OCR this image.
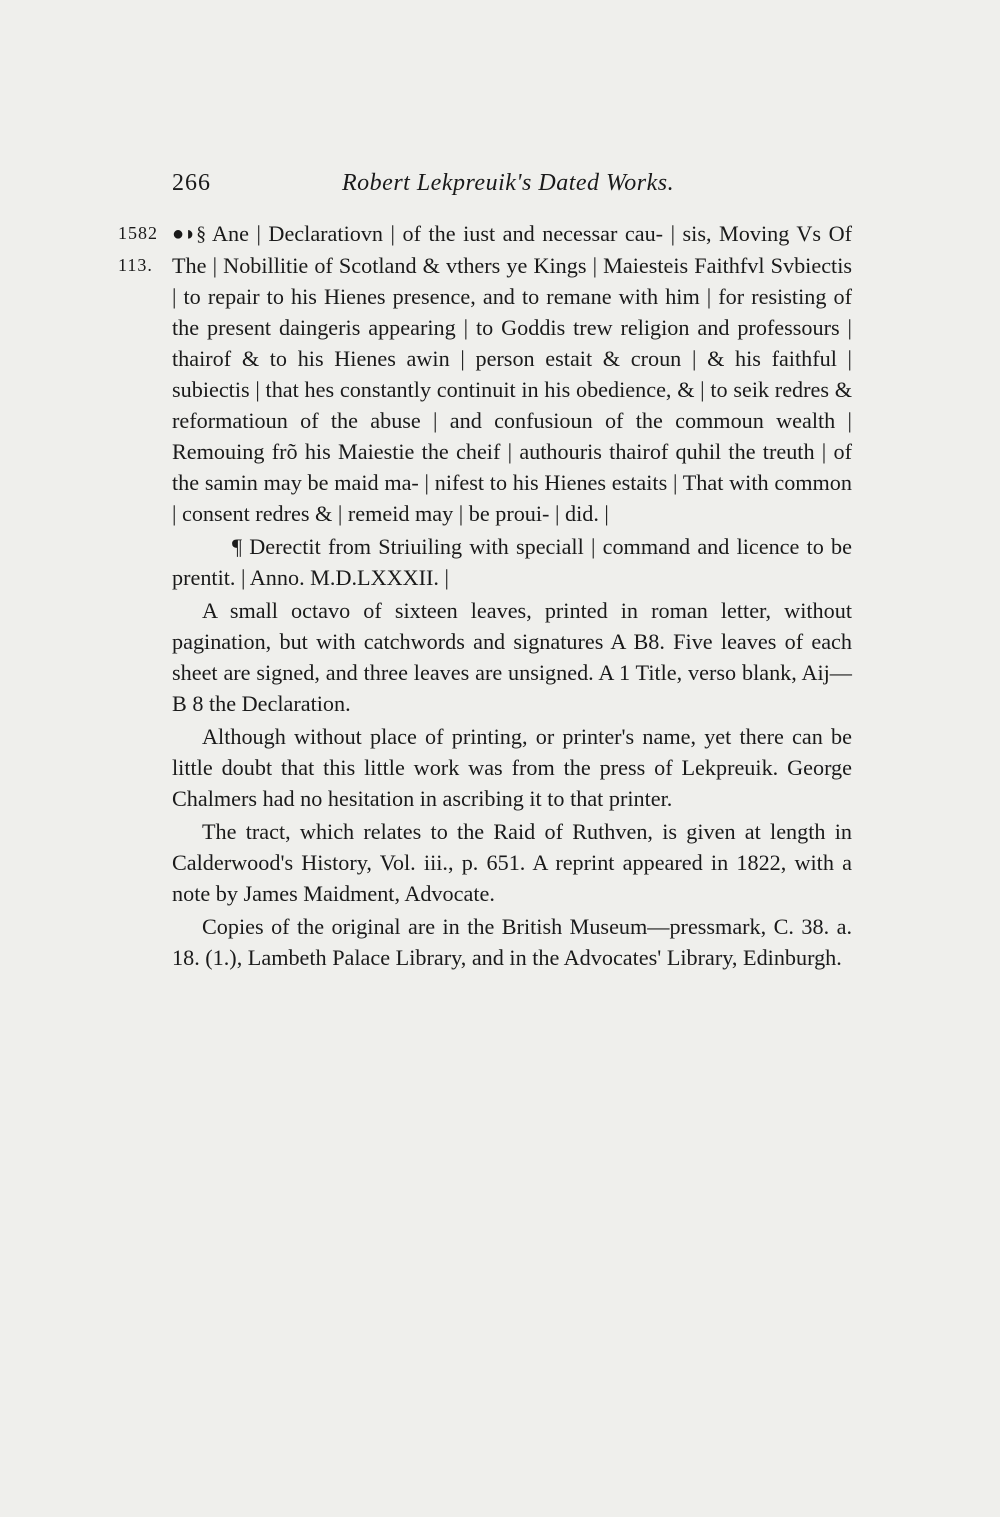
266	Robert Lekpreuik's Dated Works.
1582
113.

●◗§ Ane | Declaratiovn | of the iust and necessar cau- | sis, Moving Vs Of The | Nobillitie of Scotland & vthers ye Kings | Maiesteis Faithfvl Svbiectis | to repair to his Hienes presence, and to remane with him | for resisting of the present daingeris appearing | to Goddis trew religion and professours | thairof & to his Hienes awin | person estait & croun | & his faithful | subiectis | that hes constantly continuit in his obedience, & | to seik redres & reformatioun of the abuse | and confusioun of the commoun wealth | Remouing frõ his Maiestie the cheif | authouris thairof quhil the treuth | of the samin may be maid ma- | nifest to his Hienes estaits | That with common | consent redres & | remeid may | be proui- | did. |

¶ Derectit from Striuiling with speciall | command and licence to be prentit. | Anno. M.D.LXXXII. |

A small octavo of sixteen leaves, printed in roman letter, without pagination, but with catchwords and signatures A B8. Five leaves of each sheet are signed, and three leaves are unsigned. A 1 Title, verso blank, Aij—B 8 the Declaration.

Although without place of printing, or printer's name, yet there can be little doubt that this little work was from the press of Lekpreuik. George Chalmers had no hesitation in ascribing it to that printer.

The tract, which relates to the Raid of Ruthven, is given at length in Calderwood's History, Vol. iii., p. 651. A reprint appeared in 1822, with a note by James Maidment, Advocate.

Copies of the original are in the British Museum—pressmark, C. 38. a. 18. (1.), Lambeth Palace Library, and in the Advocates' Library, Edinburgh.
